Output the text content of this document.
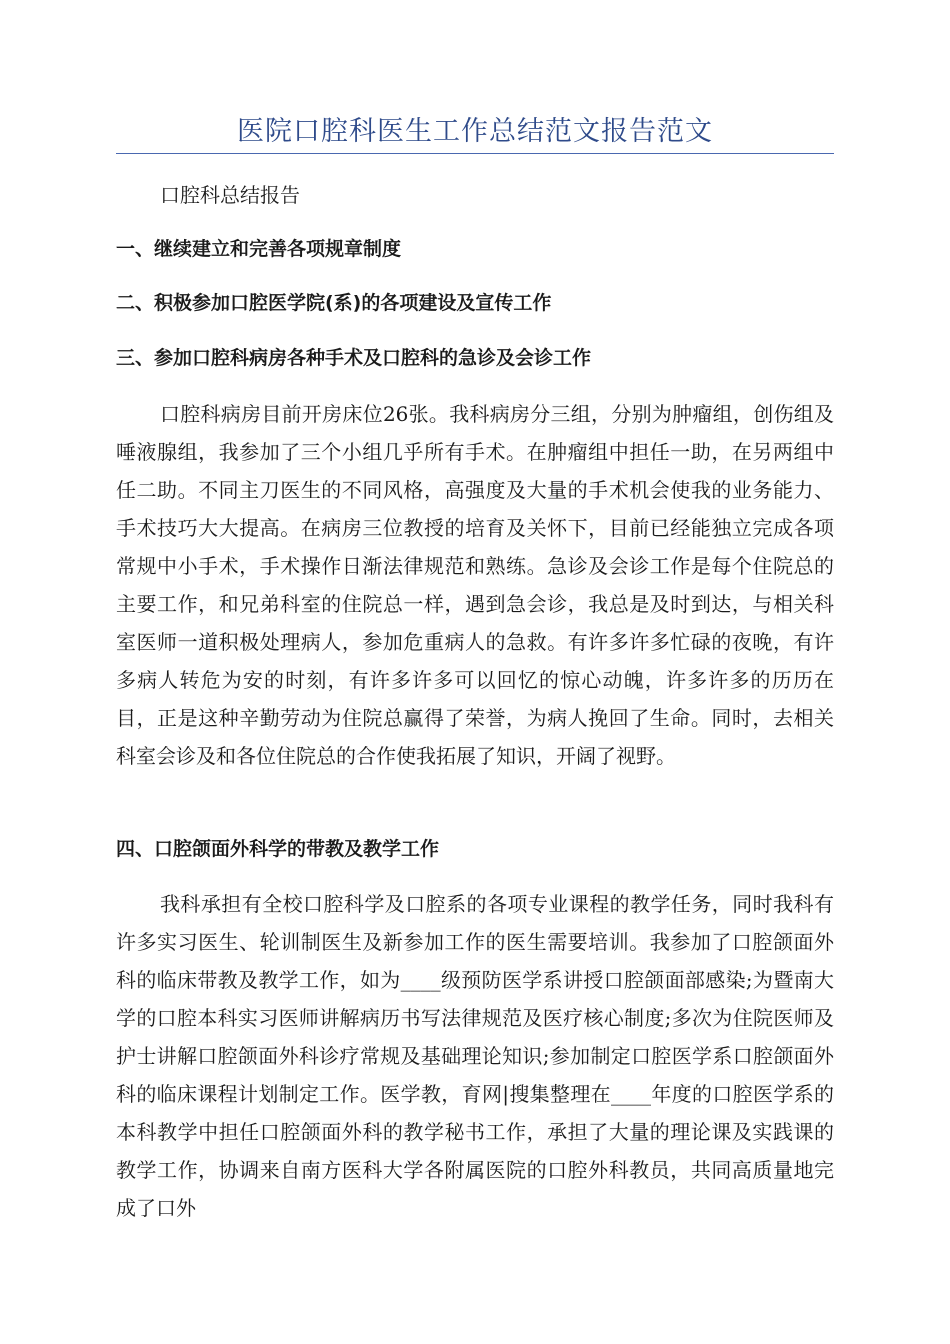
医院口腔科医生工作总结范文报告范文

口腔科总结报告

一、继续建立和完善各项规章制度
二、积极参加口腔医学院(系)的各项建设及宣传工作
三、参加口腔科病房各种手术及口腔科的急诊及会诊工作

口腔科病房目前开房床位26张。我科病房分三组，分别为肿瘤组，创伤组及唾液腺组，我参加了三个小组几乎所有手术。在肿瘤组中担任一助，在另两组中任二助。不同主刀医生的不同风格，高强度及大量的手术机会使我的业务能力、手术技巧大大提高。在病房三位教授的培育及关怀下，目前已经能独立完成各项常规中小手术，手术操作日渐法律规范和熟练。急诊及会诊工作是每个住院总的主要工作，和兄弟科室的住院总一样，遇到急会诊，我总是及时到达，与相关科室医师一道积极处理病人，参加危重病人的急救。有许多许多忙碌的夜晚，有许多病人转危为安的时刻，有许多许多可以回忆的惊心动魄，许多许多的历历在目，正是这种辛勤劳动为住院总赢得了荣誉，为病人挽回了生命。同时，去相关科室会诊及和各位住院总的合作使我拓展了知识，开阔了视野。

四、口腔颌面外科学的带教及教学工作

我科承担有全校口腔科学及口腔系的各项专业课程的教学任务，同时我科有许多实习医生、轮训制医生及新参加工作的医生需要培训。我参加了口腔颌面外科的临床带教及教学工作，如为____级预防医学系讲授口腔颌面部感染;为暨南大学的口腔本科实习医师讲解病历书写法律规范及医疗核心制度;多次为住院医师及护士讲解口腔颌面外科诊疗常规及基础理论知识;参加制定口腔医学系口腔颌面外科的临床课程计划制定工作。医学教，育网|搜集整理在____年度的口腔医学系的本科教学中担任口腔颌面外科的教学秘书工作，承担了大量的理论课及实践课的教学工作，协调来自南方医科大学各附属医院的口腔外科教员，共同高质量地完成了口外
